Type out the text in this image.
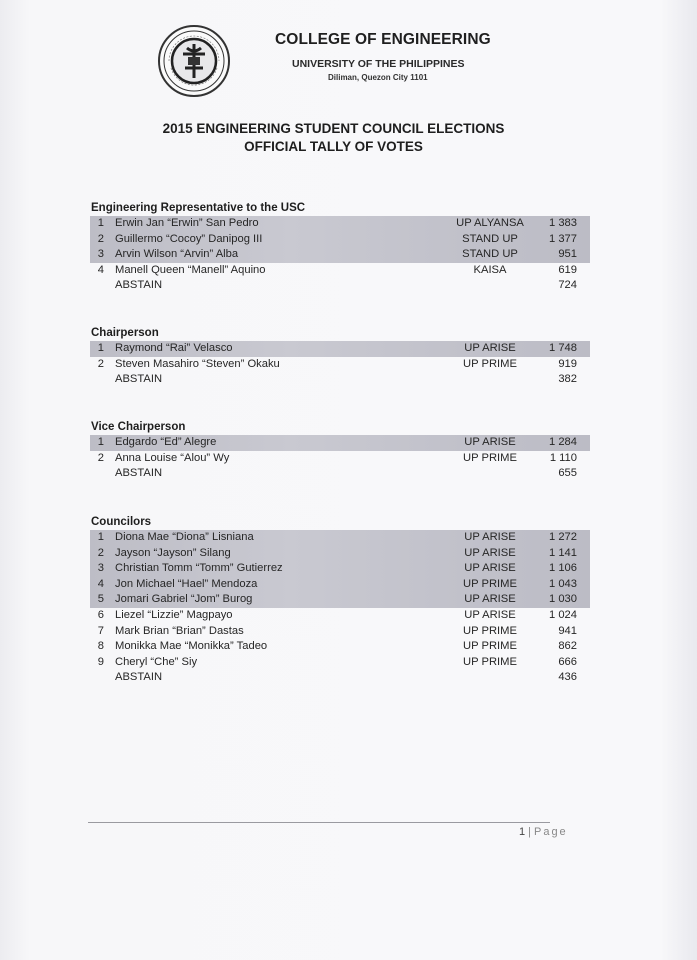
COLLEGE OF ENGINEERING
UNIVERSITY OF THE PHILIPPINES
Diliman, Quezon City 1101
2015 ENGINEERING STUDENT COUNCIL ELECTIONS
OFFICIAL TALLY OF VOTES
Engineering Representative to the USC
1 Erwin Jan “Erwin” San Pedro	UP ALYANSA	1 383
2 Guillermo “Cocoy” Danipog III	STAND UP	1 377
3 Arvin Wilson “Arvin” Alba	STAND UP	951
4 Manell Queen “Manell” Aquino	KAISA	619
ABSTAIN	724
Chairperson
1 Raymond “Rai” Velasco	UP ARISE	1 748
2 Steven Masahiro “Steven” Okaku	UP PRIME	919
ABSTAIN	382
Vice Chairperson
1 Edgardo “Ed” Alegre	UP ARISE	1 284
2 Anna Louise “Alou” Wy	UP PRIME	1 110
ABSTAIN	655
Councilors
1 Diona Mae “Diona” Lisniana	UP ARISE	1 272
2 Jayson “Jayson” Silang	UP ARISE	1 141
3 Christian Tomm “Tomm” Gutierrez	UP ARISE	1 106
4 Jon Michael “Hael” Mendoza	UP PRIME	1 043
5 Jomari Gabriel “Jom” Burog	UP ARISE	1 030
6 Liezel “Lizzie” Magpayo	UP ARISE	1 024
7 Mark Brian “Brian” Dastas	UP PRIME	941
8 Monikka Mae “Monikka” Tadeo	UP PRIME	862
9 Cheryl “Che” Siy	UP PRIME	666
ABSTAIN	436
1 | Page
